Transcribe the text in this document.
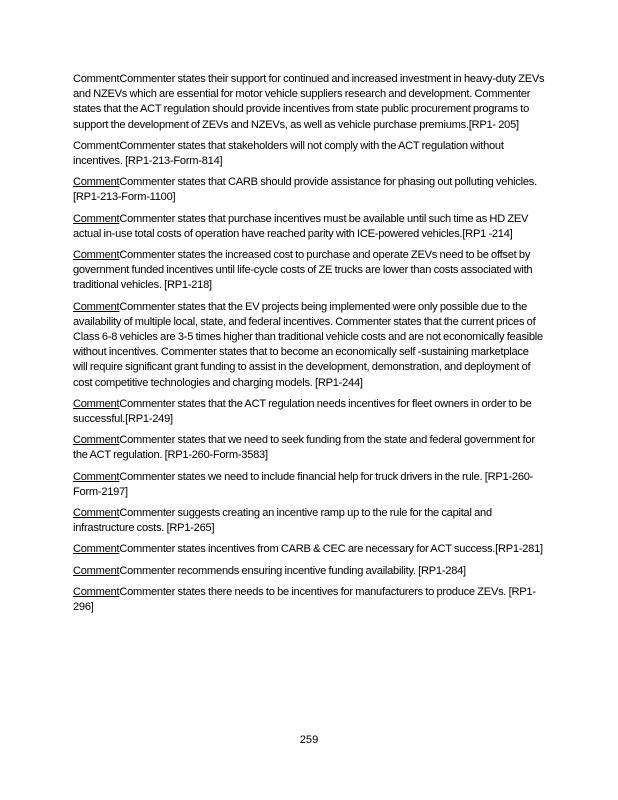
CommentCommenter states their support for continued and increased investment in heavy-duty ZEVs and NZEVs which are essential for motor vehicle suppliers research and development. Commenter states that the ACT regulation should provide incentives from state public procurement programs to support the development of ZEVs and NZEVs, as well as vehicle purchase premiums.[RP1- 205]

CommentCommenter states that stakeholders will not comply with the ACT regulation without incentives. [RP1-213-Form-814]

CommentCommenter states that CARB should provide assistance for phasing out polluting vehicles. [RP1-213-Form-1100]

CommentCommenter states that purchase incentives must be available until such time as HD ZEV actual in-use total costs of operation have reached parity with ICE-powered vehicles.[RP1 -214]

CommentCommenter states the increased cost to purchase and operate ZEVs need to be offset by government funded incentives until life-cycle costs of ZE trucks are lower than costs associated with traditional vehicles. [RP1-218]

CommentCommenter states that the EV projects being implemented were only possible due to the availability of multiple local, state, and federal incentives. Commenter states that the current prices of Class 6-8 vehicles are 3-5 times higher than traditional vehicle costs and are not economically feasible without incentives. Commenter states that to become an economically self -sustaining marketplace will require significant grant funding to assist in the development, demonstration, and deployment of cost competitive technologies and charging models. [RP1-244]

CommentCommenter states that the ACT regulation needs incentives for fleet owners in order to be successful.[RP1-249]

CommentCommenter states that we need to seek funding from the state and federal government for the ACT regulation. [RP1-260-Form-3583]

CommentCommenter states we need to include financial help for truck drivers in the rule. [RP1-260-Form-2197]

CommentCommenter suggests creating an incentive ramp up to the rule for the capital and infrastructure costs. [RP1-265]

CommentCommenter states incentives from CARB & CEC are necessary for ACT success.[RP1-281]

CommentCommenter recommends ensuring incentive funding availability. [RP1-284]

CommentCommenter states there needs to be incentives for manufacturers to produce ZEVs. [RP1-296]

259
